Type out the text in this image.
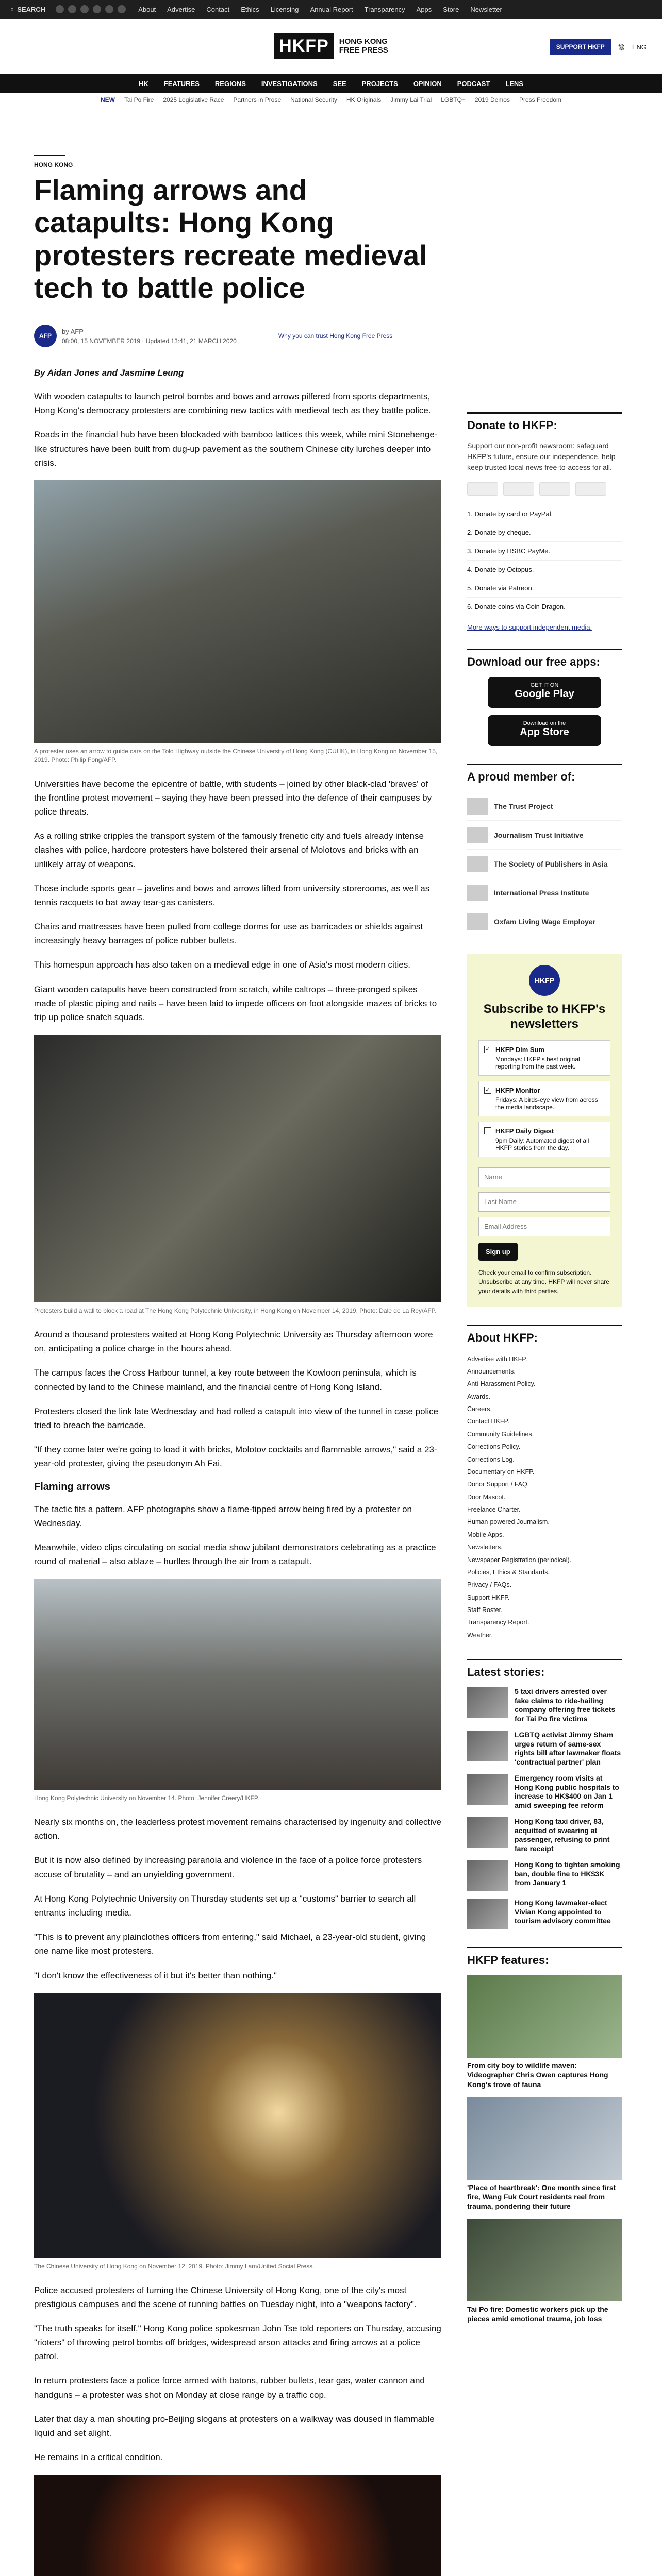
⌕ SEARCH	About Advertise Contact Ethics Licensing Annual Report Transparency Apps Store Newsletter
HKFP	HONG KONG
FREE PRESS	SUPPORT HKFP	繁 ENG
HK FEATURES REGIONS INVESTIGATIONS SEE PROJECTS OPINION PODCAST LENS
NEW Tai Po Fire 2025 Legislative Race Partners in Prose National Security HK Originals Jimmy Lai Trial LGBTQ+ 2019 Demos Press Freedom
HONG KONG
Flaming arrows and catapults: Hong Kong protesters recreate medieval tech to battle police
AFP
by AFP
08:00, 15 NOVEMBER 2019 · Updated 13:41, 21 MARCH 2020
Why you can trust Hong Kong Free Press
By Aidan Jones and Jasmine Leung

With wooden catapults to launch petrol bombs and bows and arrows pilfered from sports departments, Hong Kong's democracy protesters are combining new tactics with medieval tech as they battle police.

Roads in the financial hub have been blockaded with bamboo lattices this week, while mini Stonehenge-like structures have been built from dug-up pavement as the southern Chinese city lurches deeper into crisis.

A protester uses an arrow to guide cars on the Tolo Highway outside the Chinese University of Hong Kong (CUHK), in Hong Kong on November 15, 2019. Photo: Philip Fong/AFP.

Universities have become the epicentre of battle, with students – joined by other black-clad 'braves' of the frontline protest movement – saying they have been pressed into the defence of their campuses by police threats.

As a rolling strike cripples the transport system of the famously frenetic city and fuels already intense clashes with police, hardcore protesters have bolstered their arsenal of Molotovs and bricks with an unlikely array of weapons.

Those include sports gear – javelins and bows and arrows lifted from university storerooms, as well as tennis racquets to bat away tear-gas canisters.

Chairs and mattresses have been pulled from college dorms for use as barricades or shields against increasingly heavy barrages of police rubber bullets.

This homespun approach has also taken on a medieval edge in one of Asia's most modern cities.

Giant wooden catapults have been constructed from scratch, while caltrops – three-pronged spikes made of plastic piping and nails – have been laid to impede officers on foot alongside mazes of bricks to trip up police snatch squads.

Protesters build a wall to block a road at The Hong Kong Polytechnic University, in Hong Kong on November 14, 2019. Photo: Dale de La Rey/AFP.

Around a thousand protesters waited at Hong Kong Polytechnic University as Thursday afternoon wore on, anticipating a police charge in the hours ahead.

The campus faces the Cross Harbour tunnel, a key route between the Kowloon peninsula, which is connected by land to the Chinese mainland, and the financial centre of Hong Kong Island.

Protesters closed the link late Wednesday and had rolled a catapult into view of the tunnel in case police tried to breach the barricade.

"If they come later we're going to load it with bricks, Molotov cocktails and flammable arrows," said a 23-year-old protester, giving the pseudonym Ah Fai.

Flaming arrows

The tactic fits a pattern. AFP photographs show a flame-tipped arrow being fired by a protester on Wednesday.

Meanwhile, video clips circulating on social media show jubilant demonstrators celebrating as a practice round of material – also ablaze – hurtles through the air from a catapult.

Hong Kong Polytechnic University on November 14. Photo: Jennifer Creery/HKFP.

Nearly six months on, the leaderless protest movement remains characterised by ingenuity and collective action.

But it is now also defined by increasing paranoia and violence in the face of a police force protesters accuse of brutality – and an unyielding government.

At Hong Kong Polytechnic University on Thursday students set up a "customs" barrier to search all entrants including media.

"This is to prevent any plainclothes officers from entering," said Michael, a 23-year-old student, giving one name like most protesters.

"I don't know the effectiveness of it but it's better than nothing."

The Chinese University of Hong Kong on November 12, 2019. Photo: Jimmy Lam/United Social Press.

Police accused protesters of turning the Chinese University of Hong Kong, one of the city's most prestigious campuses and the scene of running battles on Tuesday night, into a "weapons factory".

"The truth speaks for itself," Hong Kong police spokesman John Tse told reporters on Thursday, accusing "rioters" of throwing petrol bombs off bridges, widespread arson attacks and firing arrows at a police patrol.

In return protesters face a police force armed with batons, rubber bullets, tear gas, water cannon and handguns – a protester was shot on Monday at close range by a traffic cop.

Later that day a man shouting pro-Beijing slogans at protesters on a walkway was doused in flammable liquid and set alight.

He remains in a critical condition.

Donate to HKFP:
Support our non-profit newsroom: safeguard HKFP's future, ensure our independence, help keep trusted local news free-to-access for all.
1. Donate by card or PayPal.
2. Donate by cheque.
3. Donate by HSBC PayMe.
4. Donate by Octopus.
5. Donate via Patreon.
6. Donate coins via Coin Dragon.
More ways to support independent media.
Download our free apps:
GET IT ON
Google Play
Download on the
App Store
A proud member of:
The Trust Project
Journalism Trust Initiative
The Society of Publishers in Asia
International Press Institute
Oxfam Living Wage Employer
HKFP
Subscribe to HKFP's newsletters
✓ HKFP Dim Sum
Mondays: HKFP's best original reporting from the past week.
✓ HKFP Monitor
Fridays: A birds-eye view from across the media landscape.
HKFP Daily Digest
9pm Daily: Automated digest of all HKFP stories from the day.
Name Last Name Email Address Sign up
Check your email to confirm subscription. Unsubscribe at any time. HKFP will never share your details with third parties.
About HKFP:
Advertise with HKFP.
Announcements.
Anti-Harassment Policy.
Awards.
Careers.
Contact HKFP.
Community Guidelines.
Corrections Policy.
Corrections Log.
Documentary on HKFP.
Donor Support / FAQ.
Door Mascot.
Freelance Charter.
Human-powered Journalism.
Mobile Apps.
Newsletters.
Newspaper Registration (periodical).
Policies, Ethics & Standards.
Privacy / FAQs.
Support HKFP.
Staff Roster.
Transparency Report.
Weather.
Latest stories:
5 taxi drivers arrested over fake claims to ride-hailing company offering free tickets for Tai Po fire victims
LGBTQ activist Jimmy Sham urges return of same-sex rights bill after lawmaker floats 'contractual partner' plan
Emergency room visits at Hong Kong public hospitals to increase to HK$400 on Jan 1 amid sweeping fee reform
Hong Kong taxi driver, 83, acquitted of swearing at passenger, refusing to print fare receipt
Hong Kong to tighten smoking ban, double fine to HK$3K from January 1
Hong Kong lawmaker-elect Vivian Kong appointed to tourism advisory committee
HKFP features:
From city boy to wildlife maven: Videographer Chris Owen captures Hong Kong's trove of fauna
'Place of heartbreak': One month since first fire, Wang Fuk Court residents reel from trauma, pondering their future
Tai Po fire: Domestic workers pick up the pieces amid emotional trauma, job loss
